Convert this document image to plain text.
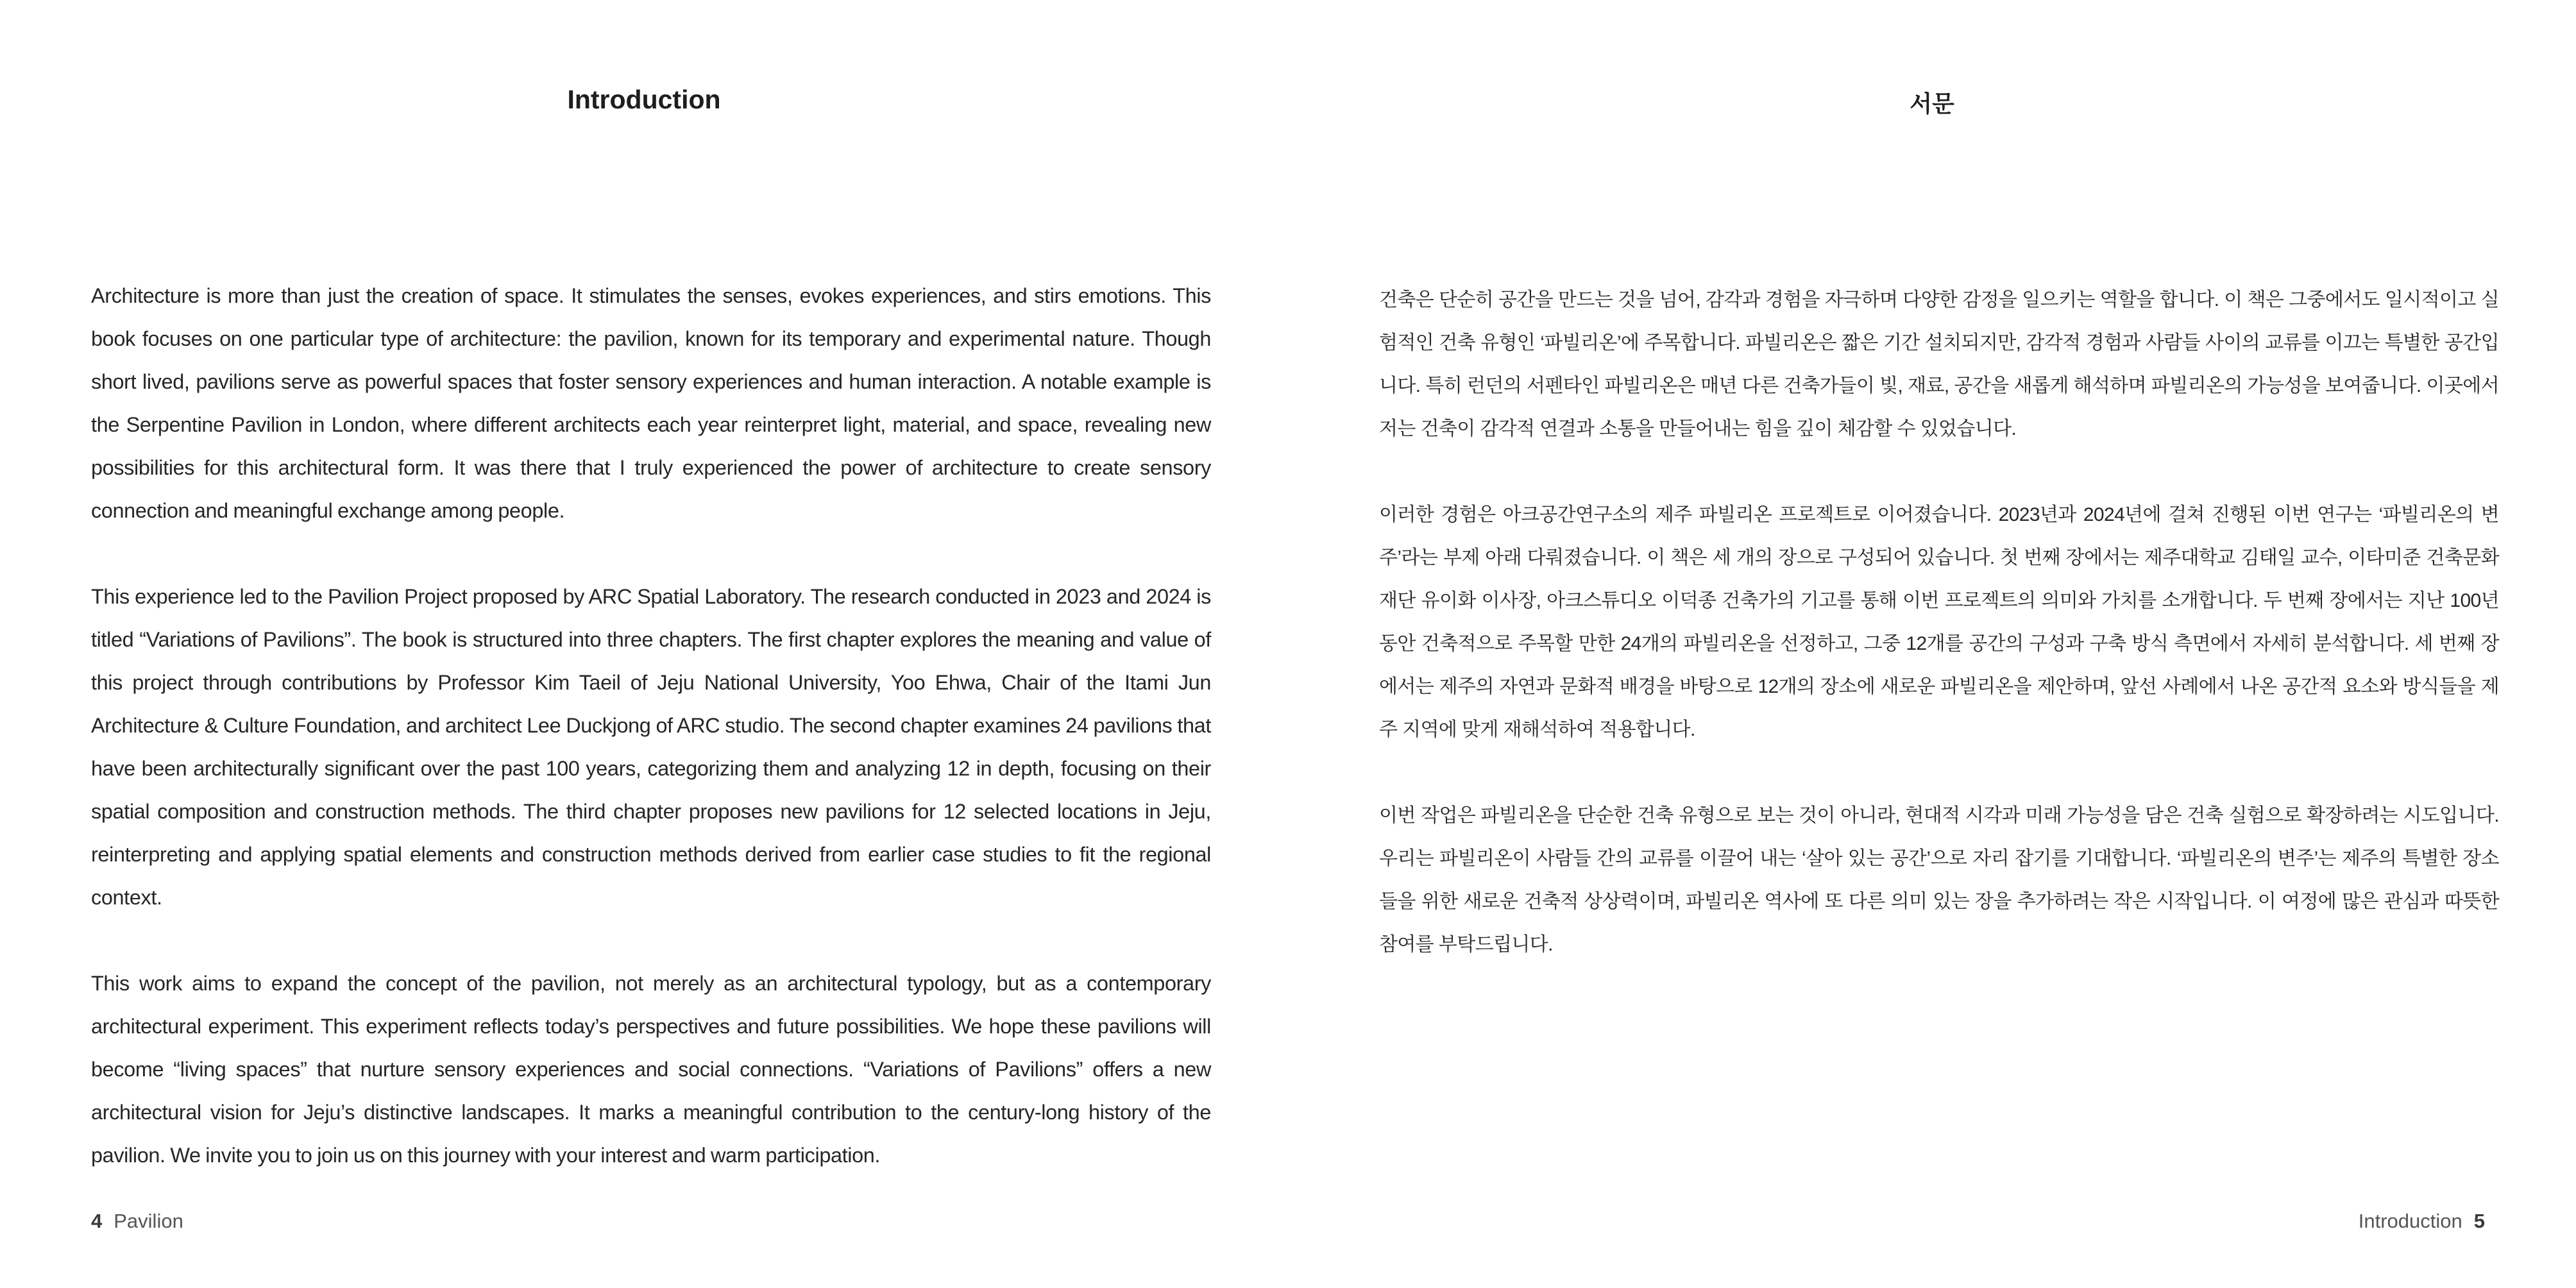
Introduction

Architecture is more than just the creation of space. It stimulates the senses, evokes experiences, and stirs emotions. This book focuses on one particular type of architecture: the pavilion, known for its temporary and experimental nature. Though short lived, pavilions serve as powerful spaces that foster sensory experiences and human interaction. A notable example is the Serpentine Pavilion in London, where different architects each year reinterpret light, material, and space, revealing new possibilities for this architectural form. It was there that I truly experienced the power of architecture to create sensory connection and meaningful exchange among people.

This experience led to the Pavilion Project proposed by ARC Spatial Laboratory. The research conducted in 2023 and 2024 is titled “Variations of Pavilions”. The book is structured into three chapters. The first chapter explores the meaning and value of this project through contributions by Professor Kim Taeil of Jeju National University, Yoo Ehwa, Chair of the Itami Jun Architecture & Culture Foundation, and architect Lee Duckjong of ARC studio. The second chapter examines 24 pavilions that have been architecturally significant over the past 100 years, categorizing them and analyzing 12 in depth, focusing on their spatial composition and construction methods. The third chapter proposes new pavilions for 12 selected locations in Jeju, reinterpreting and applying spatial elements and construction methods derived from earlier case studies to fit the regional context.

This work aims to expand the concept of the pavilion, not merely as an architectural typology, but as a contemporary architectural experiment. This experiment reflects today’s perspectives and future possibilities. We hope these pavilions will become “living spaces” that nurture sensory experiences and social connections. “Variations of Pavilions” offers a new architectural vision for Jeju’s distinctive landscapes. It marks a meaningful contribution to the century-long history of the pavilion. We invite you to join us on this journey with your interest and warm participation.

4 Pavilion
서문

건축은 단순히 공간을 만드는 것을 넘어, 감각과 경험을 자극하며 다양한 감정을 일으키는 역할을 합니다. 이 책은 그중에서도 일시적이고 실험적인 건축 유형인 ‘파빌리온’에 주목합니다. 파빌리온은 짧은 기간 설치되지만, 감각적 경험과 사람들 사이의 교류를 이끄는 특별한 공간입니다. 특히 런던의 서펜타인 파빌리온은 매년 다른 건축가들이 빛, 재료, 공간을 새롭게 해석하며 파빌리온의 가능성을 보여줍니다. 이곳에서 저는 건축이 감각적 연결과 소통을 만들어내는 힘을 깊이 체감할 수 있었습니다.

이러한 경험은 아크공간연구소의 제주 파빌리온 프로젝트로 이어졌습니다. 2023년과 2024년에 걸쳐 진행된 이번 연구는 ‘파빌리온의 변주’라는 부제 아래 다뤄졌습니다. 이 책은 세 개의 장으로 구성되어 있습니다. 첫 번째 장에서는 제주대학교 김태일 교수, 이타미준 건축문화재단 유이화 이사장, 아크스튜디오 이덕종 건축가의 기고를 통해 이번 프로젝트의 의미와 가치를 소개합니다. 두 번째 장에서는 지난 100년 동안 건축적으로 주목할 만한 24개의 파빌리온을 선정하고, 그중 12개를 공간의 구성과 구축 방식 측면에서 자세히 분석합니다. 세 번째 장에서는 제주의 자연과 문화적 배경을 바탕으로 12개의 장소에 새로운 파빌리온을 제안하며, 앞선 사례에서 나온 공간적 요소와 방식들을 제주 지역에 맞게 재해석하여 적용합니다.

이번 작업은 파빌리온을 단순한 건축 유형으로 보는 것이 아니라, 현대적 시각과 미래 가능성을 담은 건축 실험으로 확장하려는 시도입니다. 우리는 파빌리온이 사람들 간의 교류를 이끌어 내는 ‘살아 있는 공간’으로 자리 잡기를 기대합니다. ‘파빌리온의 변주’는 제주의 특별한 장소들을 위한 새로운 건축적 상상력이며, 파빌리온 역사에 또 다른 의미 있는 장을 추가하려는 작은 시작입니다. 이 여정에 많은 관심과 따뜻한 참여를 부탁드립니다.

Introduction 5
